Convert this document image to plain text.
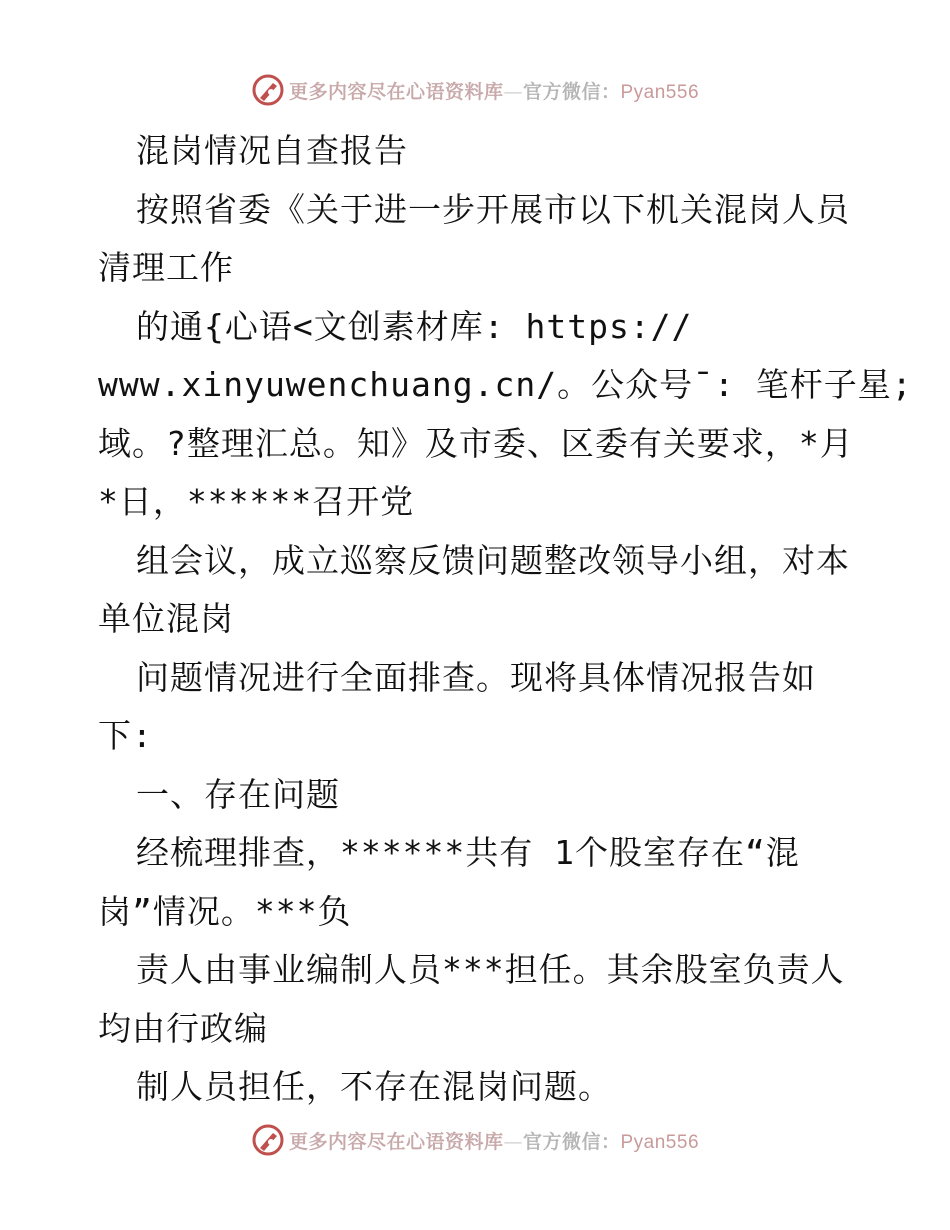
更多内容尽在心语资料库—官方微信：Pyan556
混岗情况自查报告
按照省委《关于进一步开展市以下机关混岗人员
清理工作
的通{心语<文创素材库: https://
www.xinyuwenchuang.cn/。公众号¯: 笔杆子星;
域。?整理汇总。知》及市委、区委有关要求，*月
*日，******召开党
组会议，成立巡察反馈问题整改领导小组，对本
单位混岗
问题情况进行全面排查。现将具体情况报告如
下:
一、存在问题
经梳理排查，******共有 1个股室存在“混
岗”情况。***负
责人由事业编制人员***担任。其余股室负责人
均由行政编
制人员担任，不存在混岗问题。
更多内容尽在心语资料库—官方微信：Pyan556
